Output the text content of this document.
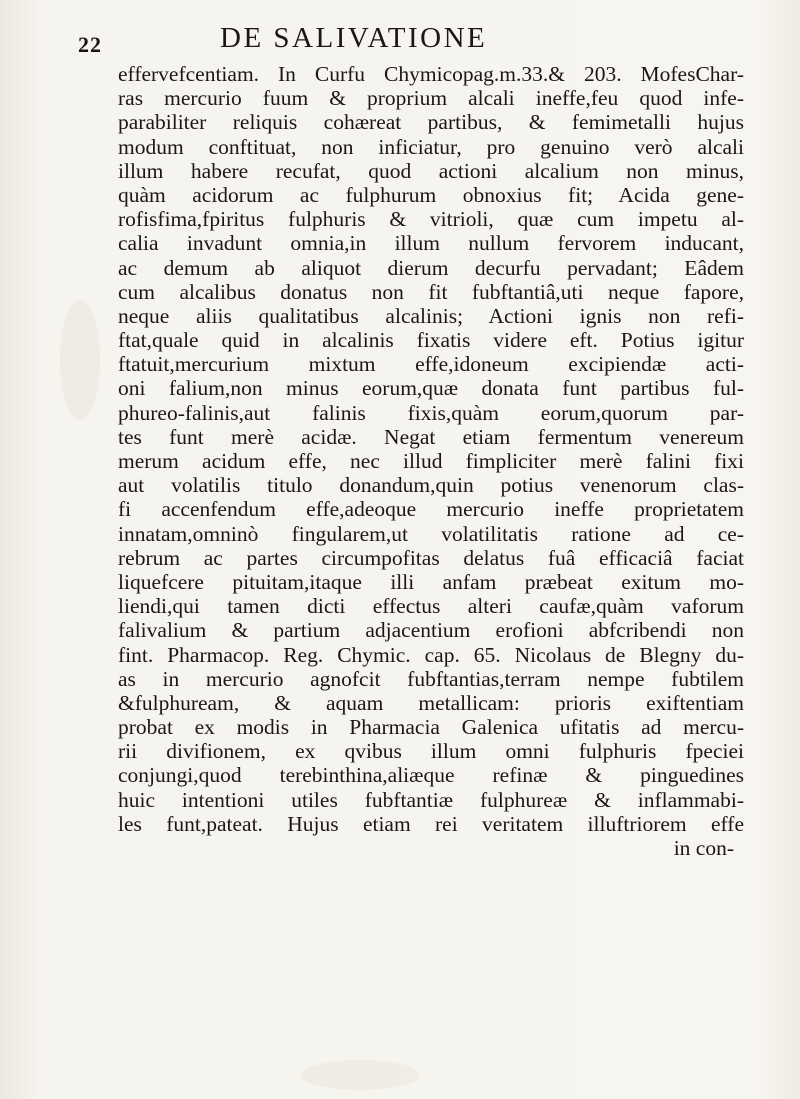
22	DE SALIVATIONE
effervefcentiam. In Curfu Chymicopag.m.33.& 203. MofesChar-
ras mercurio fuum & proprium alcali ineffe,feu quod infe-
parabiliter reliquis cohæreat partibus, & femimetalli hujus
modum conftituat, non inficiatur, pro genuino verò alcali
illum habere recufat, quod actioni alcalium non minus,
quàm acidorum ac fulphurum obnoxius fit; Acida gene-
rofisfima,fpiritus fulphuris & vitrioli, quæ cum impetu al-
calia invadunt omnia,in illum nullum fervorem inducant,
ac demum ab aliquot dierum decurfu pervadant; Eâdem
cum alcalibus donatus non fit fubftantiâ,uti neque fapore,
neque aliis qualitatibus alcalinis; Actioni ignis non refi-
ftat,quale quid in alcalinis fixatis videre eft. Potius igitur
ftatuit,mercurium mixtum effe,idoneum excipiendæ acti-
oni falium,non minus eorum,quæ donata funt partibus ful-
phureo-falinis,aut falinis fixis,quàm eorum,quorum par-
tes funt merè acidæ. Negat etiam fermentum venereum
merum acidum effe, nec illud fimpliciter merè falini fixi
aut volatilis titulo donandum,quin potius venenorum clas-
fi accenfendum effe,adeoque mercurio ineffe proprietatem
innatam,omninò fingularem,ut volatilitatis ratione ad ce-
rebrum ac partes circumpofitas delatus fuâ efficaciâ faciat
liquefcere pituitam,itaque illi anfam præbeat exitum mo-
liendi,qui tamen dicti effectus alteri caufæ,quàm vaforum
falivalium & partium adjacentium erofioni abfcribendi non
fint. Pharmacop. Reg. Chymic. cap. 65. Nicolaus de Blegny du-
as in mercurio agnofcit fubftantias,terram nempe fubtilem
&fulphuream, & aquam metallicam: prioris exiftentiam
probat ex modis in Pharmacia Galenica ufitatis ad mercu-
rii divifionem, ex qvibus illum omni fulphuris fpeciei
conjungi,quod terebinthina,aliæque refinæ & pinguedines
huic intentioni utiles fubftantiæ fulphureæ & inflammabi-
les funt,pateat. Hujus etiam rei veritatem illuftriorem effe
in con-
